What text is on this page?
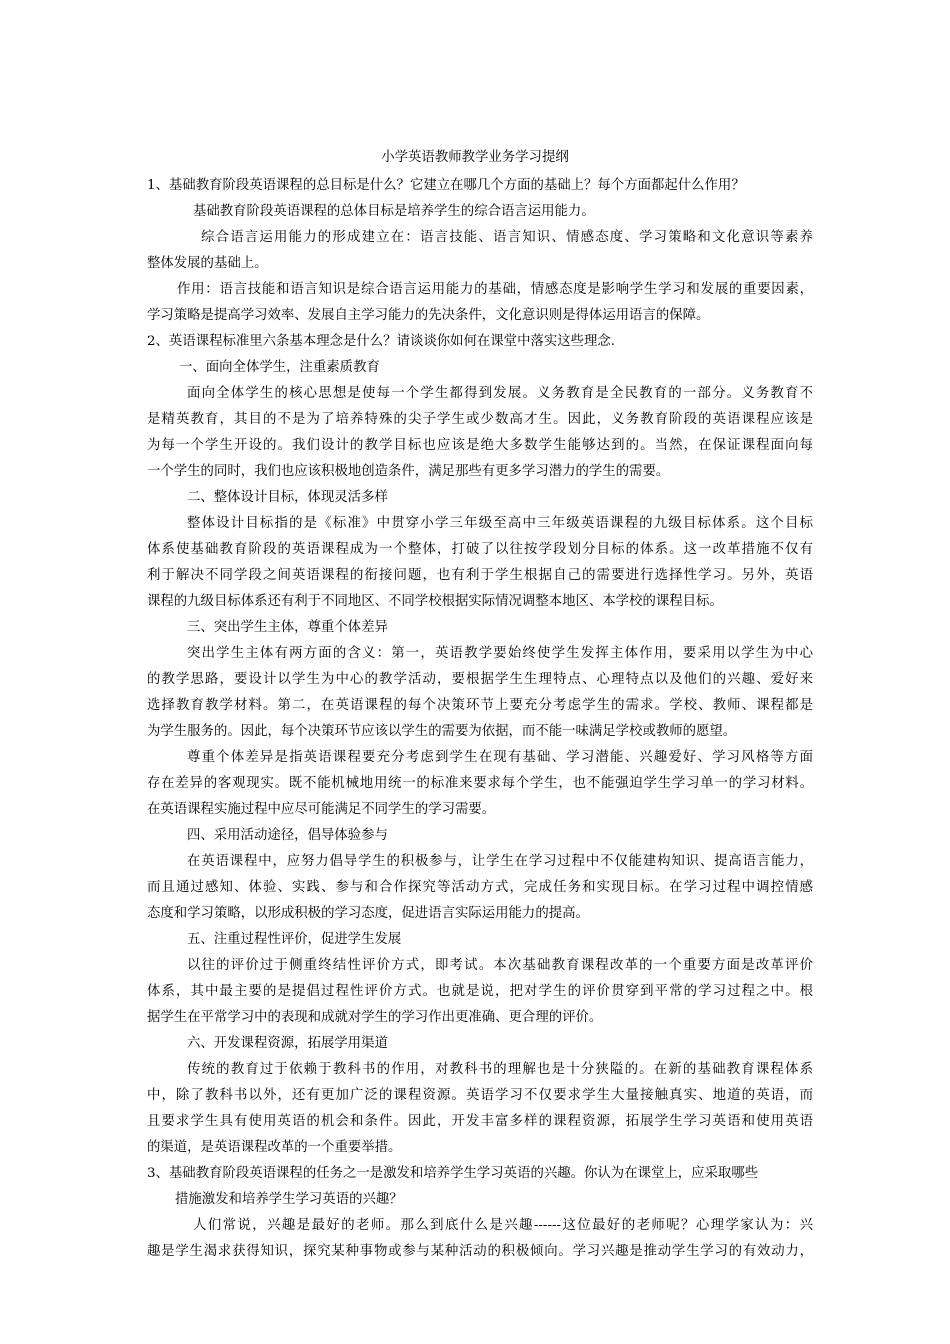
小学英语教师教学业务学习提纲
1、基础教育阶段英语课程的总目标是什么？它建立在哪几个方面的基础上？每个方面都起什么作用？
基础教育阶段英语课程的总体目标是培养学生的综合语言运用能力。
综合语言运用能力的形成建立在：语言技能、语言知识、情感态度、学习策略和文化意识等素养
整体发展的基础上。
作用：语言技能和语言知识是综合语言运用能力的基础，情感态度是影响学生学习和发展的重要因素，
学习策略是提高学习效率、发展自主学习能力的先决条件，文化意识则是得体运用语言的保障。
2、英语课程标准里六条基本理念是什么？请谈谈你如何在课堂中落实这些理念.
一、面向全体学生，注重素质教育
面向全体学生的核心思想是使每一个学生都得到发展。义务教育是全民教育的一部分。义务教育不
是精英教育，其目的不是为了培养特殊的尖子学生或少数高才生。因此，义务教育阶段的英语课程应该是
为每一个学生开设的。我们设计的教学目标也应该是绝大多数学生能够达到的。当然，在保证课程面向每
一个学生的同时，我们也应该积极地创造条件，满足那些有更多学习潜力的学生的需要。
二、整体设计目标，体现灵活多样
整体设计目标指的是《标准》中贯穿小学三年级至高中三年级英语课程的九级目标体系。这个目标
体系使基础教育阶段的英语课程成为一个整体，打破了以往按学段划分目标的体系。这一改革措施不仅有
利于解决不同学段之间英语课程的衔接问题，也有利于学生根据自己的需要进行选择性学习。另外，英语
课程的九级目标体系还有利于不同地区、不同学校根据实际情况调整本地区、本学校的课程目标。
三、突出学生主体，尊重个体差异
突出学生主体有两方面的含义：第一，英语教学要始终使学生发挥主体作用，要采用以学生为中心
的教学思路，要设计以学生为中心的教学活动，要根据学生生理特点、心理特点以及他们的兴趣、爱好来
选择教育教学材料。第二，在英语课程的每个决策环节上要充分考虑学生的需求。学校、教师、课程都是
为学生服务的。因此，每个决策环节应该以学生的需要为依据，而不能一味满足学校或教师的愿望。
尊重个体差异是指英语课程要充分考虑到学生在现有基础、学习潜能、兴趣爱好、学习风格等方面
存在差异的客观现实。既不能机械地用统一的标准来要求每个学生，也不能强迫学生学习单一的学习材料。
在英语课程实施过程中应尽可能满足不同学生的学习需要。
四、采用活动途径，倡导体验参与
在英语课程中，应努力倡导学生的积极参与，让学生在学习过程中不仅能建构知识、提高语言能力，
而且通过感知、体验、实践、参与和合作探究等活动方式，完成任务和实现目标。在学习过程中调控情感
态度和学习策略，以形成积极的学习态度，促进语言实际运用能力的提高。
五、注重过程性评价，促进学生发展
以往的评价过于侧重终结性评价方式，即考试。本次基础教育课程改革的一个重要方面是改革评价
体系，其中最主要的是提倡过程性评价方式。也就是说，把对学生的评价贯穿到平常的学习过程之中。根
据学生在平常学习中的表现和成就对学生的学习作出更准确、更合理的评价。
六、开发课程资源，拓展学用渠道
传统的教育过于依赖于教科书的作用，对教科书的理解也是十分狭隘的。在新的基础教育课程体系
中，除了教科书以外，还有更加广泛的课程资源。英语学习不仅要求学生大量接触真实、地道的英语，而
且要求学生具有使用英语的机会和条件。因此，开发丰富多样的课程资源，拓展学生学习英语和使用英语
的渠道，是英语课程改革的一个重要举措。
3、基础教育阶段英语课程的任务之一是激发和培养学生学习英语的兴趣。你认为在课堂上，应采取哪些
措施激发和培养学生学习英语的兴趣？
人们常说，兴趣是最好的老师。那么到底什么是兴趣------这位最好的老师呢？心理学家认为：兴
趣是学生渴求获得知识，探究某种事物或参与某种活动的积极倾向。学习兴趣是推动学生学习的有效动力，
